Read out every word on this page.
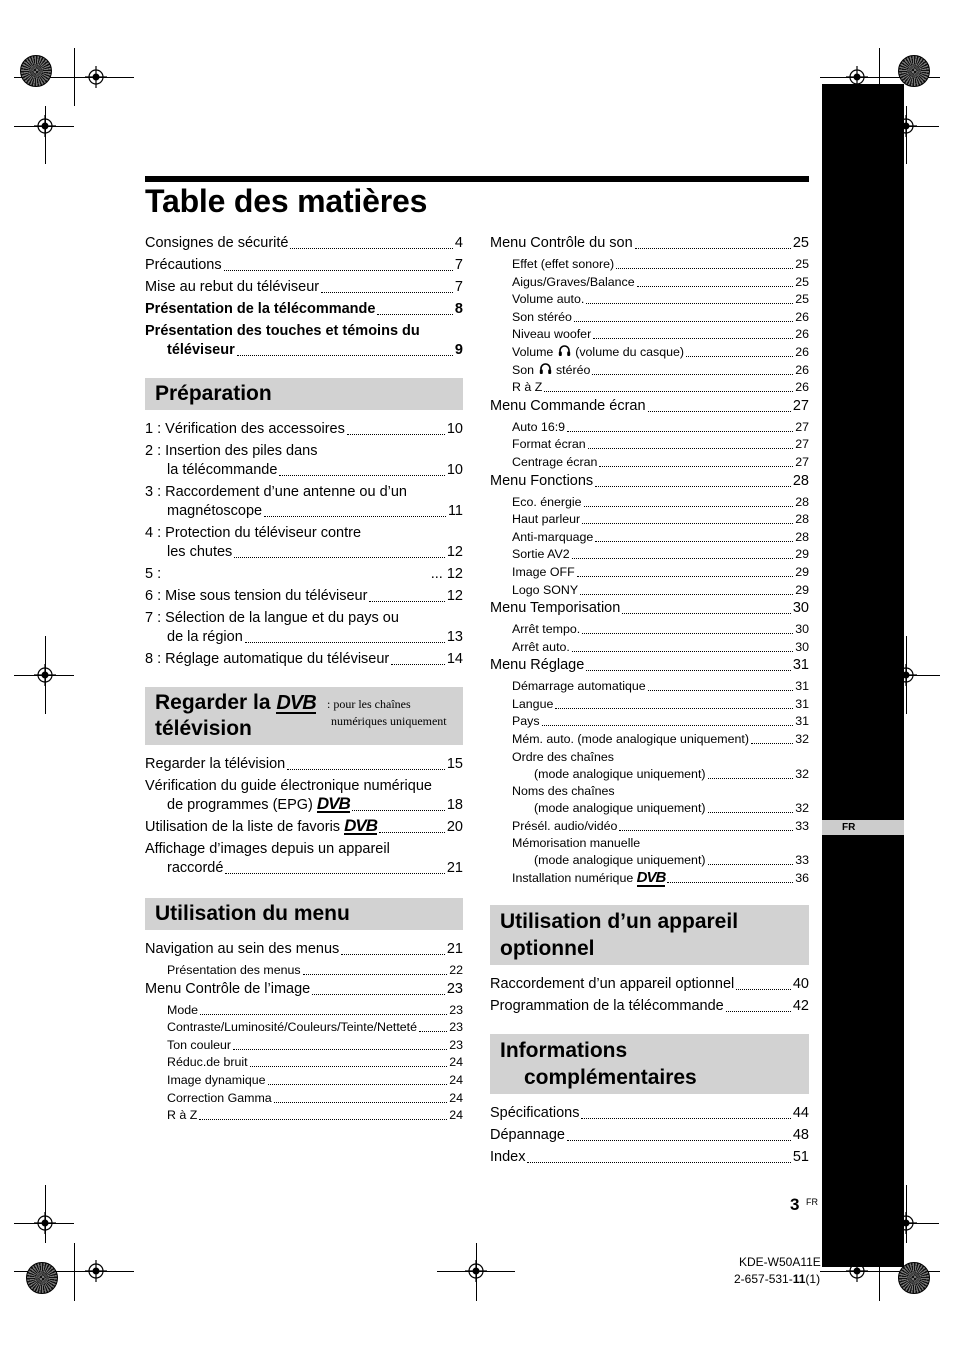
FR
Table des matières
Consignes de sécurité	4
Précautions	7
Mise au rebut du téléviseur	7
Présentation de la télécommande	8
Présentation des touches et témoins du
téléviseur	9
Préparation
1 : Vérification des accessoires	10
2 : Insertion des piles dans
la télécommande	10
3 : Raccordement d’une antenne ou d’un
magnétoscope	11
4 : Protection du téléviseur contre
les chutes	12
5 :	... 12
6 : Mise sous tension du téléviseur	12
7 : Sélection de la langue et du pays ou
de la région	13
8 : Réglage automatique du téléviseur	14
Regarder la DVB
télévision
: pour les chaînes
numériques uniquement
Regarder la télévision	15
Vérification du guide électronique numérique
de programmes (EPG) DVB	18
Utilisation de la liste de favoris DVB	20
Affichage d’images depuis un appareil
raccordé	21
Utilisation du menu
Navigation au sein des menus	21
Présentation des menus	22
Menu Contrôle de l’image	23
Mode	23
Contraste/Luminosité/Couleurs/Teinte/Netteté	23
Ton couleur	23
Réduc.de bruit	24
Image dynamique	24
Correction Gamma	24
R à Z	24
Menu Contrôle du son	25
Effet (effet sonore)	25
Aigus/Graves/Balance	25
Volume auto.	25
Son stéréo	26
Niveau woofer	26
Volume  (volume du casque)	26
Son  stéréo	26
R à Z	26
Menu Commande écran	27
Auto 16:9	27
Format écran	27
Centrage écran	27
Menu Fonctions	28
Eco. énergie	28
Haut parleur	28
Anti-marquage	28
Sortie AV2	29
Image OFF	29
Logo SONY	29
Menu Temporisation	30
Arrêt tempo.	30
Arrêt auto.	30
Menu Réglage	31
Démarrage automatique	31
Langue	31
Pays	31
Mém. auto. (mode analogique uniquement)	32
Ordre des chaînes
(mode analogique uniquement)	32
Noms des chaînes
(mode analogique uniquement)	32
Présél. audio/vidéo	33
Mémorisation manuelle
(mode analogique uniquement)	33
Installation numérique DVB	36
Utilisation d’un appareil
optionnel
Raccordement d’un appareil optionnel	40
Programmation de la télécommande	42
Informations
complémentaires
Spécifications	44
Dépannage	48
Index	51
3 FR
KDE-W50A11E
2-657-531-11(1)
